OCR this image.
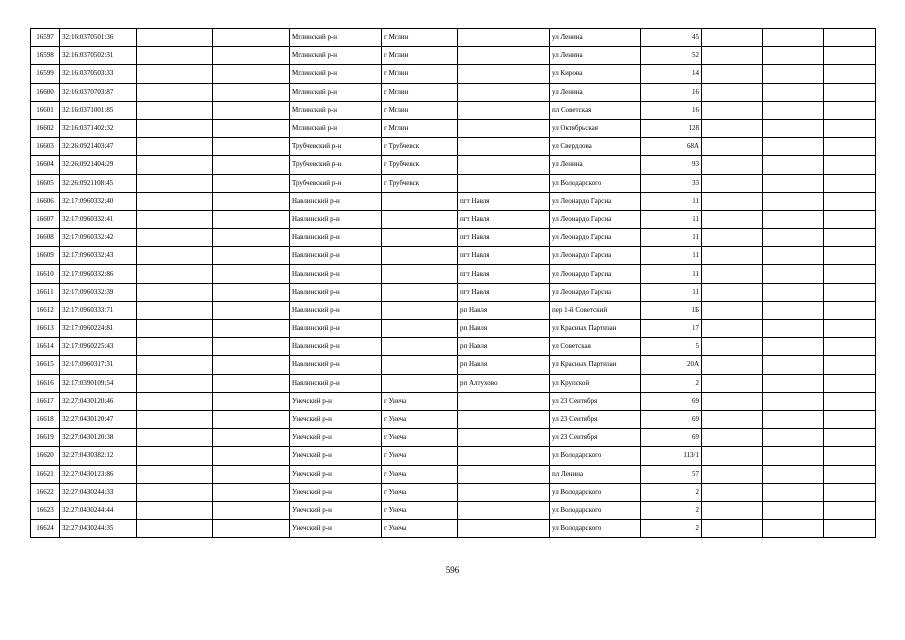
16597	32:16:0370501:36			Мглинский р-н	г Мглин		ул Ленина	45			
16598	32:16:0370502:31			Мглинский р-н	г Мглин		ул Ленина	52			
16599	32:16:0370503:33			Мглинский р-н	г Мглин		ул Кирова	14			
16600	32:16:0370703:87			Мглинский р-н	г Мглин		ул Ленина	16			
16601	32:16:0371001:85			Мглинский р-н	г Мглин		пл Советская	16			
16602	32:16:0371402:32			Мглинский р-н	г Мглин		ул Октябрьская	128			
16603	32:26:0921403:47			Трубчевский р-н	г Трубчевск		ул Свердлова	68А			
16604	32:26:0921404:29			Трубчевский р-н	г Трубчевск		ул Ленина	93			
16605	32:26:0921108:45			Трубчевский р-н	г Трубчевск		ул Володарского	33			
16606	32:17:0960332:40			Навлинский р-н		пгт Навля	ул Леонардо Гарсиа	11			
16607	32:17:0960332:41			Навлинский р-н		пгт Навля	ул Леонардо Гарсиа	11			
16608	32:17:0960332:42			Навлинский р-н		пгт Навля	ул Леонардо Гарсиа	11			
16609	32:17:0960332:43			Навлинский р-н		пгт Навля	ул Леонардо Гарсиа	11			
16610	32:17:0960332:86			Навлинский р-н		пгт Навля	ул Леонардо Гарсиа	11			
16611	32:17:0960332:39			Навлинский р-н		пгт Навля	ул Леонардо Гарсиа	11			
16612	32:17:0960333:71			Навлинский р-н		рп Навля	пер 1-й Советский	1Б			
16613	32:17:0960224:81			Навлинский р-н		рп Навля	ул Красных Партизан	17			
16614	32:17:0960225:43			Навлинский р-н		рп Навля	ул Советская	5			
16615	32:17:0960317:31			Навлинский р-н		рп Навля	ул Красных Партизан	20А			
16616	32:17:0390109:54			Навлинский р-н		рп Алтухово	ул Крупской	2			
16617	32:27:0430120:46			Унечский р-н	г Унеча		ул 23 Сентября	69			
16618	32:27:0430120:47			Унечский р-н	г Унеча		ул 23 Сентября	69			
16619	32:27:0430120:38			Унечский р-н	г Унеча		ул 23 Сентября	69			
16620	32:27:0430382:12			Унечский р-н	г Унеча		ул Володарского	113/1			
16621	32:27:0430123:86			Унечский р-н	г Унеча		пл Ленина	57			
16622	32:27:0430244:33			Унечский р-н	г Унеча		ул Володарского	2			
16623	32:27:0430244:44			Унечский р-н	г Унеча		ул Володарского	2			
16624	32:27:0430244:35			Унечский р-н	г Унеча		ул Володарского	2			
596
